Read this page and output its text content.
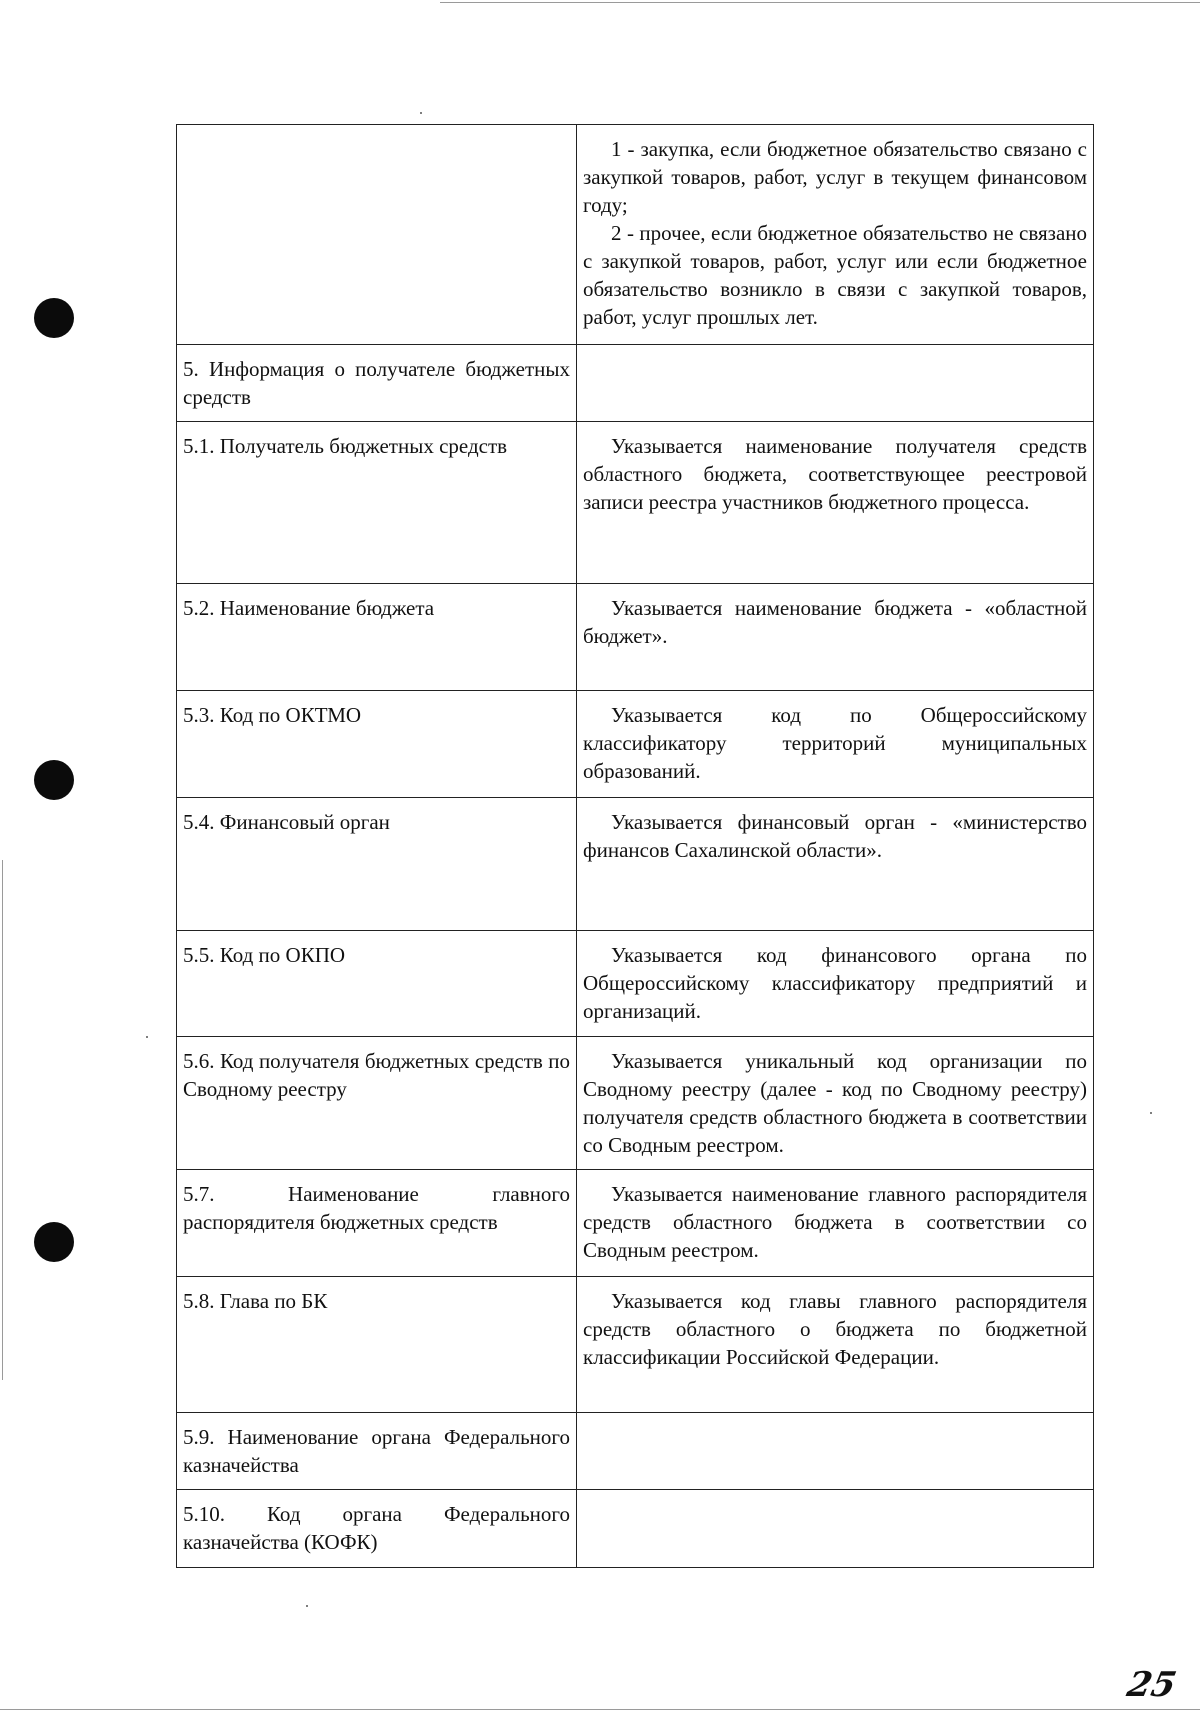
	1 - закупка, если бюджетное обязательство связано с закупкой товаров, работ, услуг в текущем финансовом году;

2 - прочее, если бюджетное обязательство не связано с закупкой товаров, работ, услуг или если бюджетное обязательство возникло в связи с закупкой товаров, работ, услуг прошлых лет.

5. Информация о получателе бюджетных средств	
5.1. Получатель бюджетных средств	Указывается наименование получателя средств областного бюджета, соответствующее реестровой записи реестра участников бюджетного процесса.

5.2. Наименование бюджета	Указывается наименование бюджета - «областной бюджет».

5.3. Код по ОКТМО	Указывается код по Общероссийскому классификатору территорий муниципальных образований.

5.4. Финансовый орган	Указывается финансовый орган - «министерство финансов Сахалинской области».

5.5. Код по ОКПО	Указывается код финансового органа по Общероссийскому классификатору предприятий и организаций.

5.6. Код получателя бюджетных средств по Сводному реестру	Указывается уникальный код организации по Сводному реестру (далее - код по Сводному реестру) получателя средств областного бюджета в соответствии со Сводным реестром.

5.7. Наименование главного распорядителя бюджетных средств	Указывается наименование главного распорядителя средств областного бюджета в соответствии со Сводным реестром.

5.8. Глава по БК	Указывается код главы главного распорядителя средств областного о бюджета по бюджетной классификации Российской Федерации.

5.9. Наименование органа Федерального казначейства	
5.10. Код органа Федерального казначейства (КОФК)	
25
